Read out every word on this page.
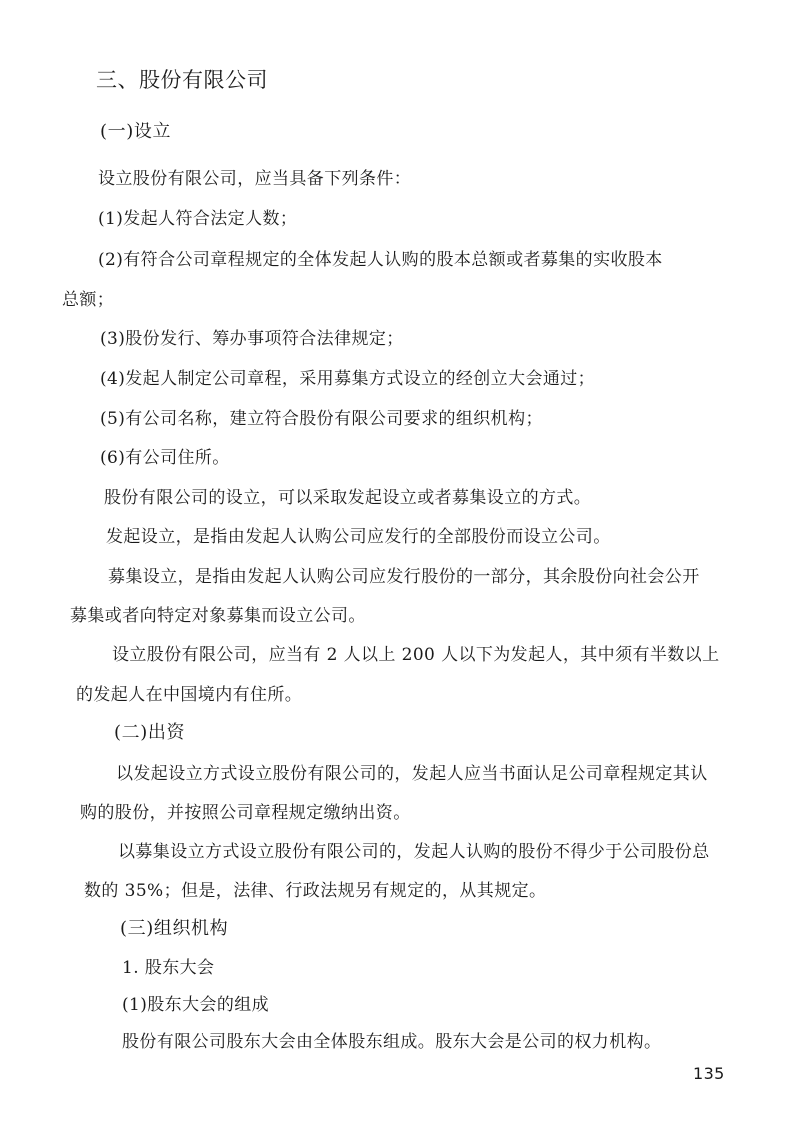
三、股份有限公司
(一)设立
设立股份有限公司，应当具备下列条件：
(1)发起人符合法定人数；
(2)有符合公司章程规定的全体发起人认购的股本总额或者募集的实收股本
总额；
(3)股份发行、筹办事项符合法律规定；
(4)发起人制定公司章程，采用募集方式设立的经创立大会通过；
(5)有公司名称，建立符合股份有限公司要求的组织机构；
(6)有公司住所。
股份有限公司的设立，可以采取发起设立或者募集设立的方式。
发起设立，是指由发起人认购公司应发行的全部股份而设立公司。
募集设立，是指由发起人认购公司应发行股份的一部分，其余股份向社会公开
募集或者向特定对象募集而设立公司。
设立股份有限公司，应当有 2 人以上 200 人以下为发起人，其中须有半数以上
的发起人在中国境内有住所。
(二)出资
以发起设立方式设立股份有限公司的，发起人应当书面认足公司章程规定其认
购的股份，并按照公司章程规定缴纳出资。
以募集设立方式设立股份有限公司的，发起人认购的股份不得少于公司股份总
数的 35%；但是，法律、行政法规另有规定的，从其规定。
(三)组织机构
1. 股东大会
(1)股东大会的组成
股份有限公司股东大会由全体股东组成。股东大会是公司的权力机构。
135
